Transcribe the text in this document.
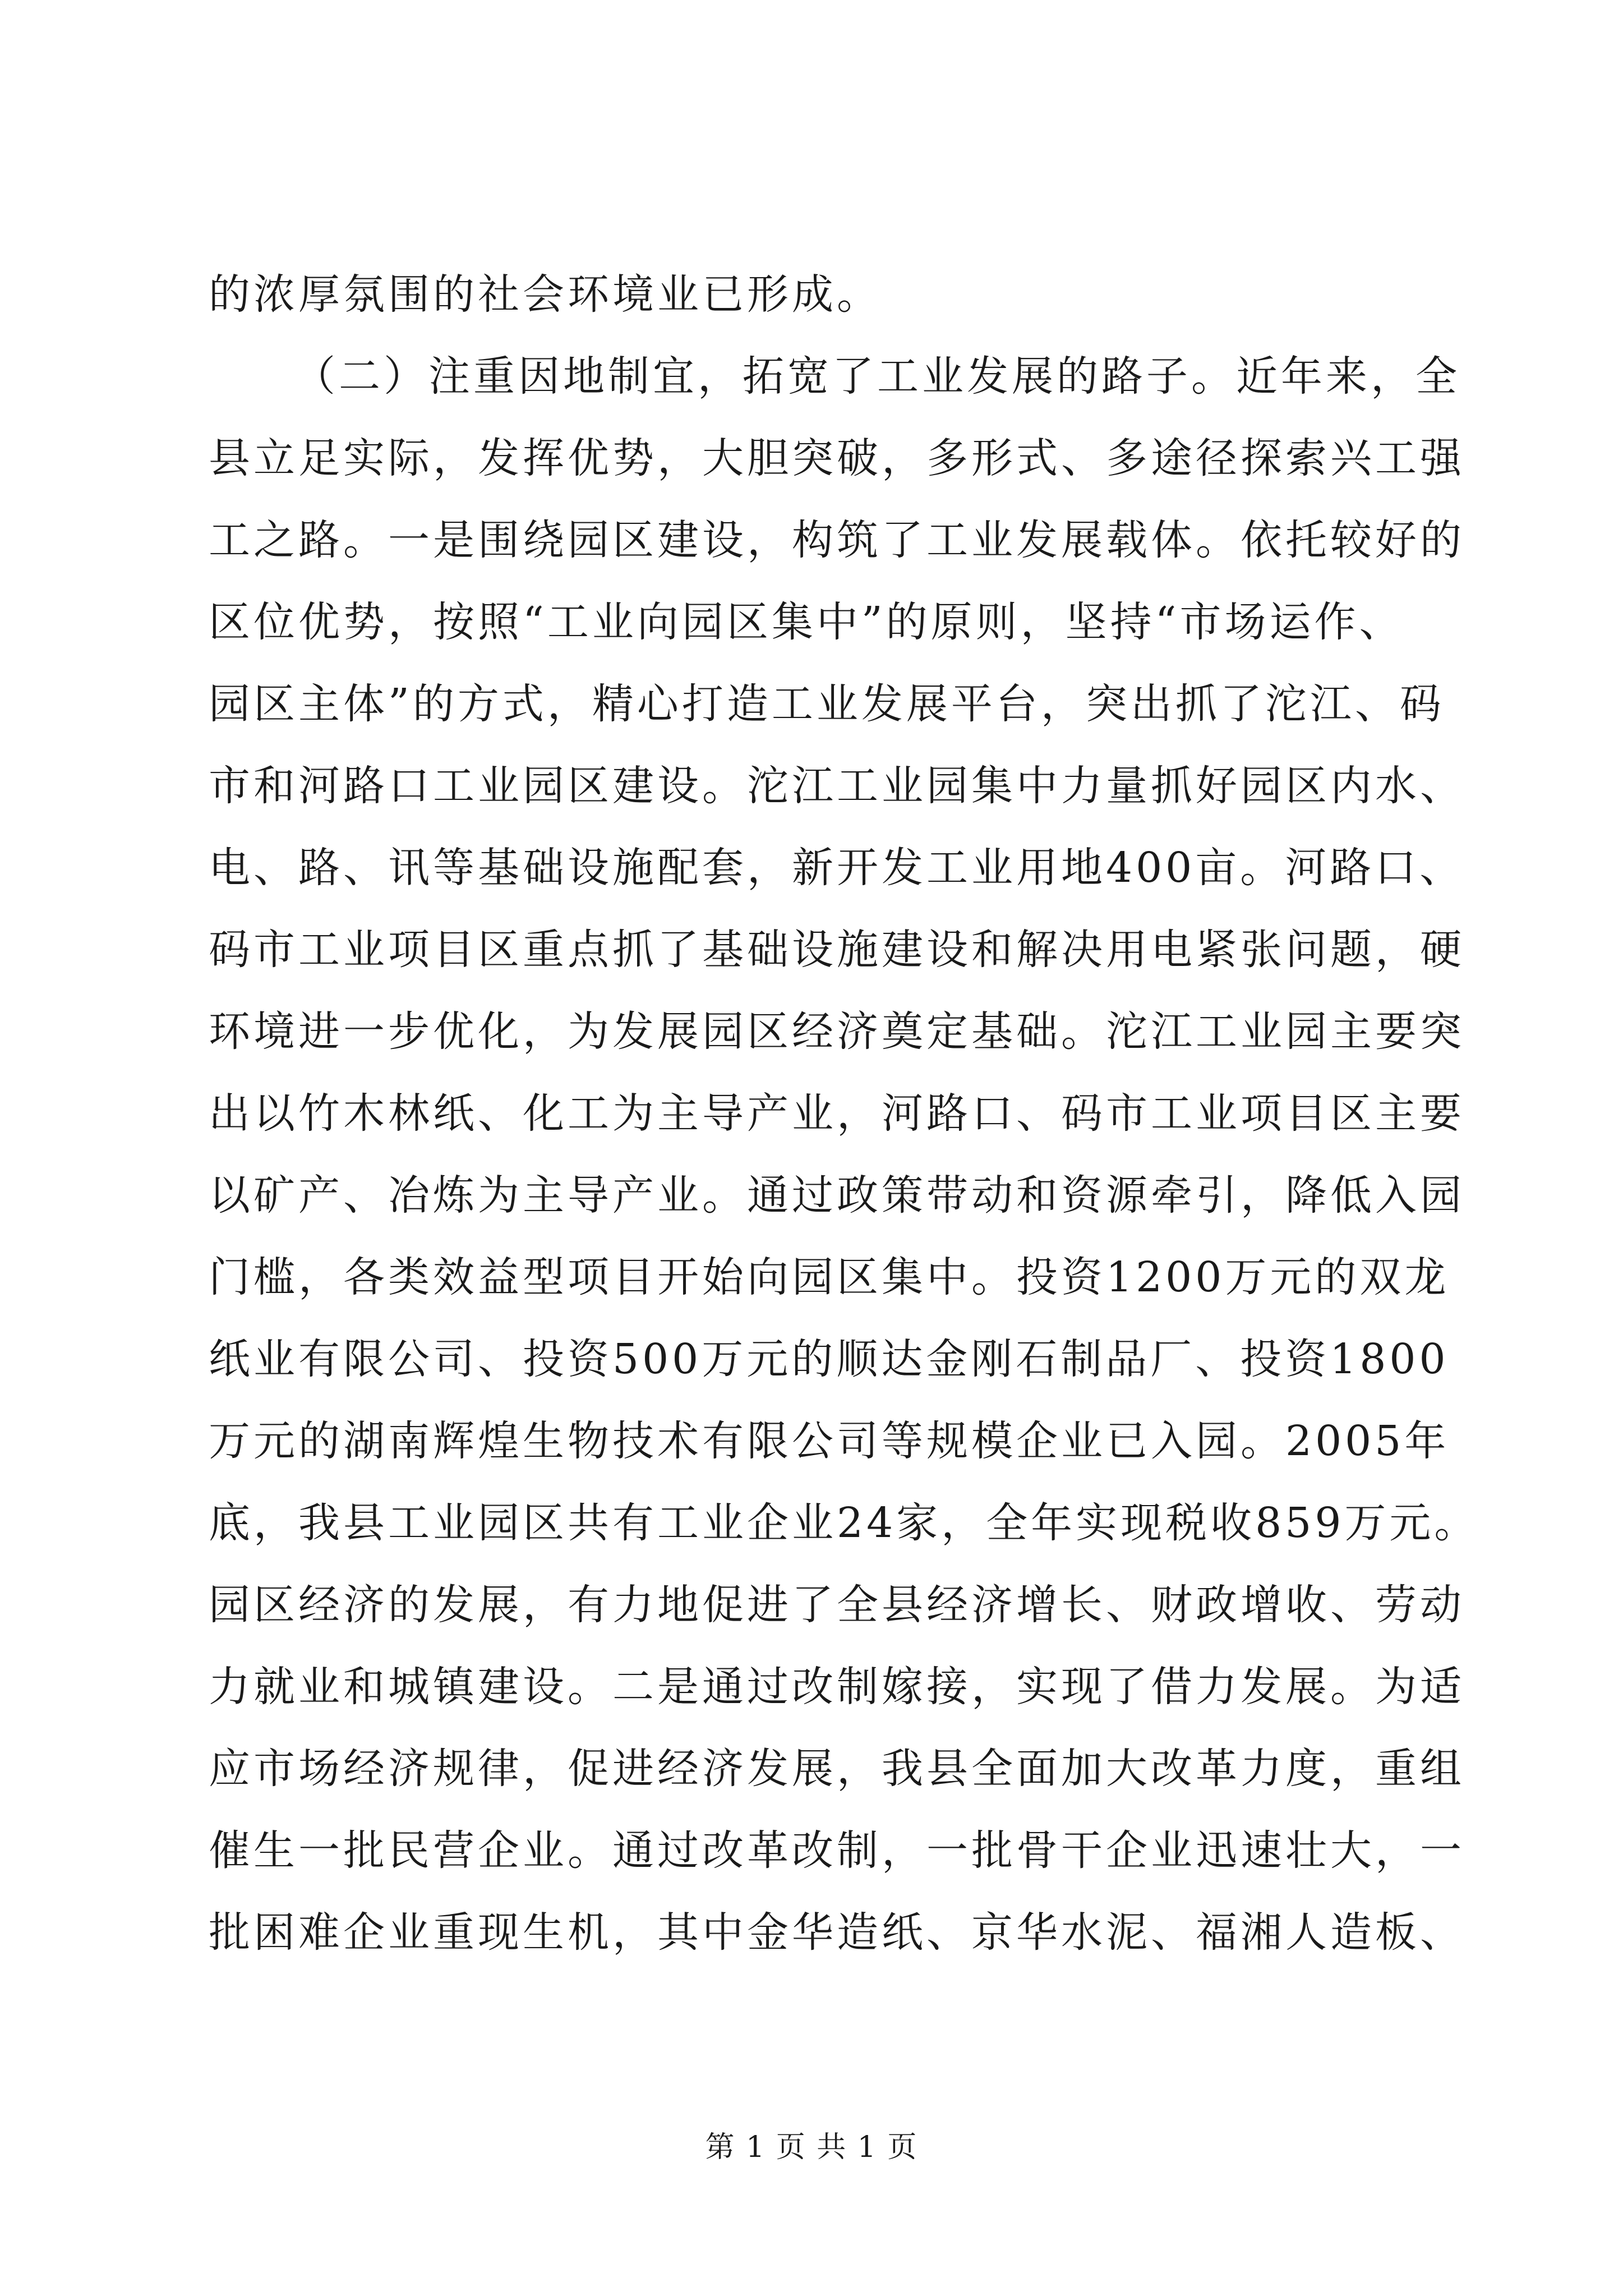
的浓厚氛围的社会环境业已形成。
（二）注重因地制宜，拓宽了工业发展的路子。近年来，全
县立足实际，发挥优势，大胆突破，多形式、多途径探索兴工强
工之路。一是围绕园区建设，构筑了工业发展载体。依托较好的
区位优势，按照“工业向园区集中”的原则，坚持“市场运作、
园区主体”的方式，精心打造工业发展平台，突出抓了沱江、码
市和河路口工业园区建设。沱江工业园集中力量抓好园区内水、
电、路、讯等基础设施配套，新开发工业用地400亩。河路口、
码市工业项目区重点抓了基础设施建设和解决用电紧张问题，硬
环境进一步优化，为发展园区经济奠定基础。沱江工业园主要突
出以竹木林纸、化工为主导产业，河路口、码市工业项目区主要
以矿产、冶炼为主导产业。通过政策带动和资源牵引，降低入园
门槛，各类效益型项目开始向园区集中。投资1200万元的双龙
纸业有限公司、投资500万元的顺达金刚石制品厂、投资1800
万元的湖南辉煌生物技术有限公司等规模企业已入园。2005年
底，我县工业园区共有工业企业24家，全年实现税收859万元。
园区经济的发展，有力地促进了全县经济增长、财政增收、劳动
力就业和城镇建设。二是通过改制嫁接，实现了借力发展。为适
应市场经济规律，促进经济发展，我县全面加大改革力度，重组
催生一批民营企业。通过改革改制，一批骨干企业迅速壮大，一
批困难企业重现生机，其中金华造纸、京华水泥、福湘人造板、
第 1 页 共 1 页
